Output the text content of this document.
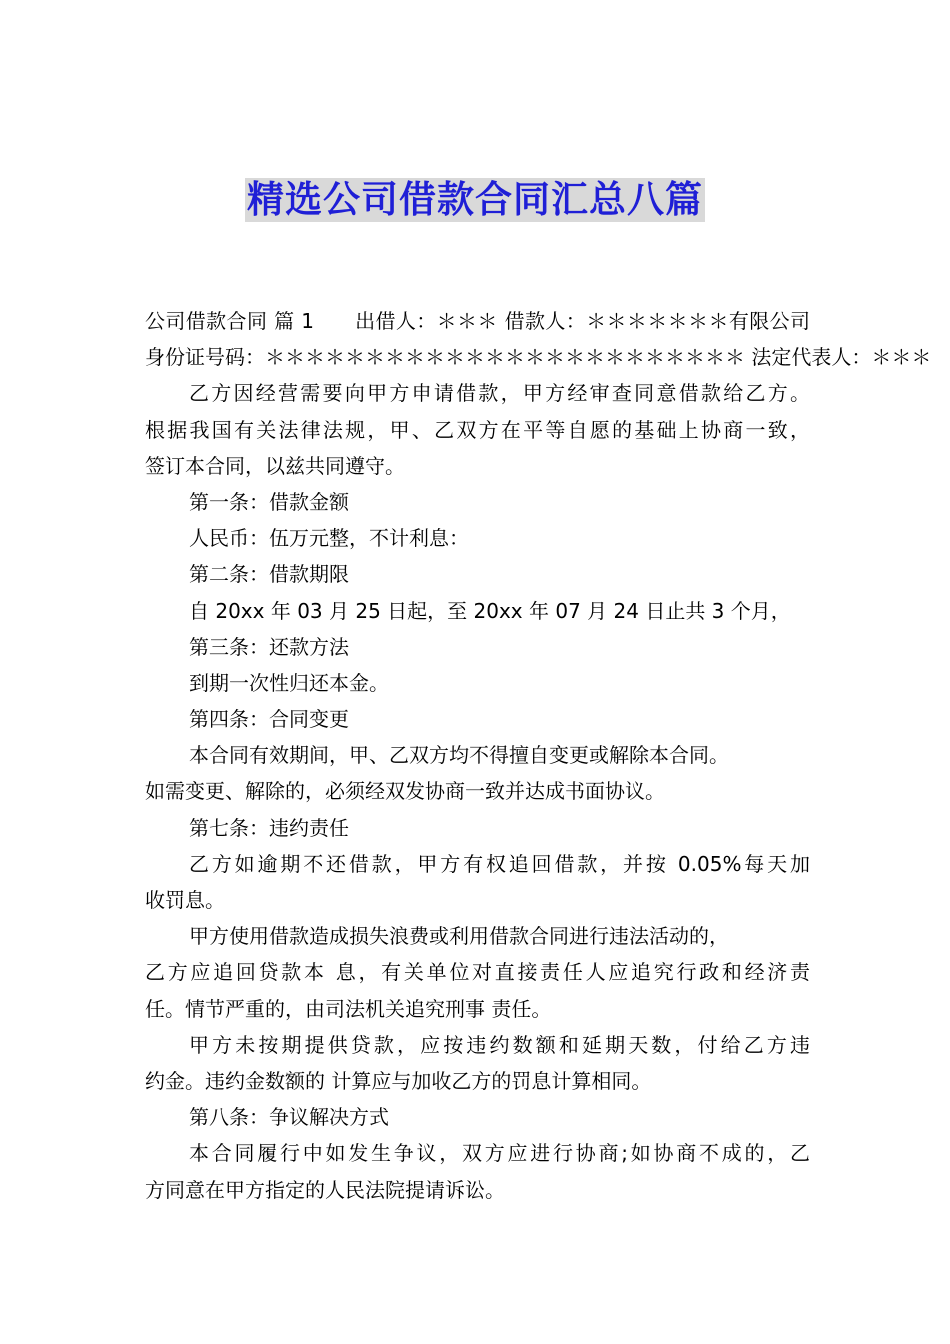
精选公司借款合同汇总八篇
公司借款合同 篇 1　　出借人：＊＊＊ 借款人：＊＊＊＊＊＊＊有限公司
身份证号码：＊＊＊＊＊＊＊＊＊＊＊＊＊＊＊＊＊＊＊＊＊＊＊＊ 法定代表人：＊＊＊
乙方因经营需要向甲方申请借款，甲方经审查同意借款给乙方。
根据我国有关法律法规，甲、乙双方在平等自愿的基础上协商一致，
签订本合同，以兹共同遵守。
第一条：借款金额
人民币：伍万元整，不计利息：
第二条：借款期限
自 20xx 年 03 月 25 日起，至 20xx 年 07 月 24 日止共 3 个月，
第三条：还款方法
到期一次性归还本金。
第四条：合同变更
本合同有效期间，甲、乙双方均不得擅自变更或解除本合同。
如需变更、解除的，必须经双发协商一致并达成书面协议。
第七条：违约责任
乙方如逾期不还借款，甲方有权追回借款，并按 0.05%每天加
收罚息。
甲方使用借款造成损失浪费或利用借款合同进行违法活动的，
乙方应追回贷款本 息，有关单位对直接责任人应追究行政和经济责
任。情节严重的，由司法机关追究刑事 责任。
甲方未按期提供贷款，应按违约数额和延期天数，付给乙方违
约金。违约金数额的 计算应与加收乙方的罚息计算相同。
第八条：争议解决方式
本合同履行中如发生争议，双方应进行协商;如协商不成的，乙
方同意在甲方指定的人民法院提请诉讼。
